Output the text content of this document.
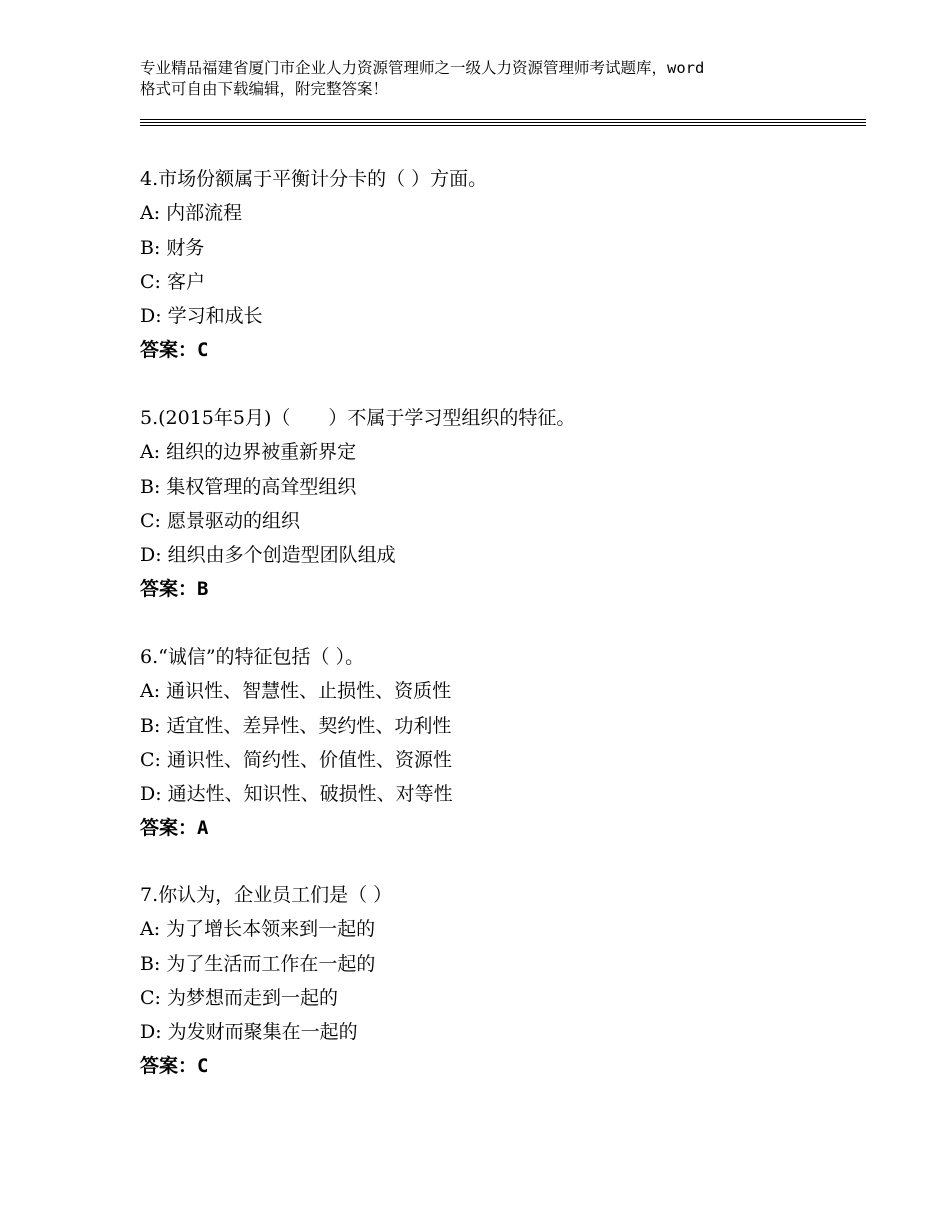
专业精品福建省厦门市企业人力资源管理师之一级人力资源管理师考试题库，word
格式可自由下载编辑，附完整答案！
4.市场份额属于平衡计分卡的（ ）方面。
A: 内部流程
B: 财务
C: 客户
D: 学习和成长
答案：C
5.(2015年5月)（　　）不属于学习型组织的特征。
A: 组织的边界被重新界定
B: 集权管理的高耸型组织
C: 愿景驱动的组织
D: 组织由多个创造型团队组成
答案：B
6.“诚信”的特征包括（ ）。
A: 通识性、智慧性、止损性、资质性
B: 适宜性、差异性、契约性、功利性
C: 通识性、简约性、价值性、资源性
D: 通达性、知识性、破损性、对等性
答案：A
7.你认为，企业员工们是（ ）
A: 为了增长本领来到一起的
B: 为了生活而工作在一起的
C: 为梦想而走到一起的
D: 为发财而聚集在一起的
答案：C
